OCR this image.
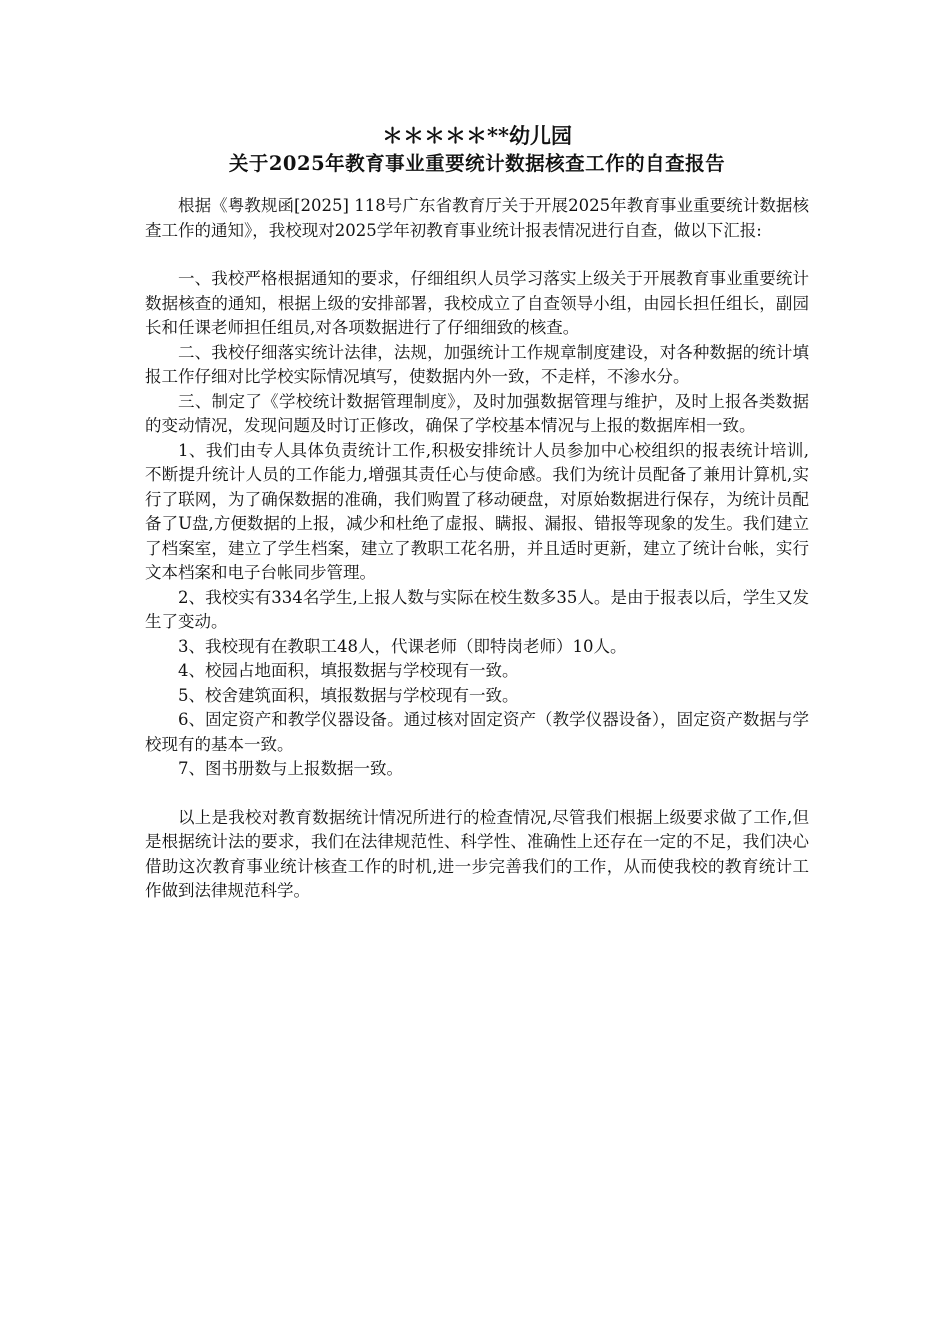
＊＊＊＊＊**幼儿园
关于2025年教育事业重要统计数据核查工作的自查报告

根据《粤教规函[2025] 118号广东省教育厅关于开展2025年教育事业重要统计数据核查工作的通知》，我校现对2025学年初教育事业统计报表情况进行自查，做以下汇报:

一、我校严格根据通知的要求，仔细组织人员学习落实上级关于开展教育事业重要统计数据核查的通知，根据上级的安排部署，我校成立了自查领导小组，由园长担任组长，副园长和任课老师担任组员,对各项数据进行了仔细细致的核查。

二、我校仔细落实统计法律，法规，加强统计工作规章制度建设，对各种数据的统计填报工作仔细对比学校实际情况填写，使数据内外一致，不走样，不渗水分。

三、制定了《学校统计数据管理制度》，及时加强数据管理与维护，及时上报各类数据的变动情况，发现问题及时订正修改，确保了学校基本情况与上报的数据库相一致。

1、我们由专人具体负责统计工作,积极安排统计人员参加中心校组织的报表统计培训,不断提升统计人员的工作能力,增强其责任心与使命感。我们为统计员配备了兼用计算机,实行了联网，为了确保数据的准确，我们购置了移动硬盘，对原始数据进行保存，为统计员配备了U盘,方便数据的上报，减少和杜绝了虚报、瞒报、漏报、错报等现象的发生。我们建立了档案室，建立了学生档案，建立了教职工花名册，并且适时更新，建立了统计台帐，实行文本档案和电子台帐同步管理。

2、我校实有334名学生,上报人数与实际在校生数多35人。是由于报表以后，学生又发生了变动。

3、我校现有在教职工48人，代课老师（即特岗老师）10人。

4、校园占地面积，填报数据与学校现有一致。

5、校舍建筑面积，填报数据与学校现有一致。

6、固定资产和教学仪器设备。通过核对固定资产（教学仪器设备），固定资产数据与学校现有的基本一致。

7、图书册数与上报数据一致。

以上是我校对教育数据统计情况所进行的检查情况,尽管我们根据上级要求做了工作,但是根据统计法的要求，我们在法律规范性、科学性、准确性上还存在一定的不足，我们决心借助这次教育事业统计核查工作的时机,进一步完善我们的工作，从而使我校的教育统计工作做到法律规范科学。
